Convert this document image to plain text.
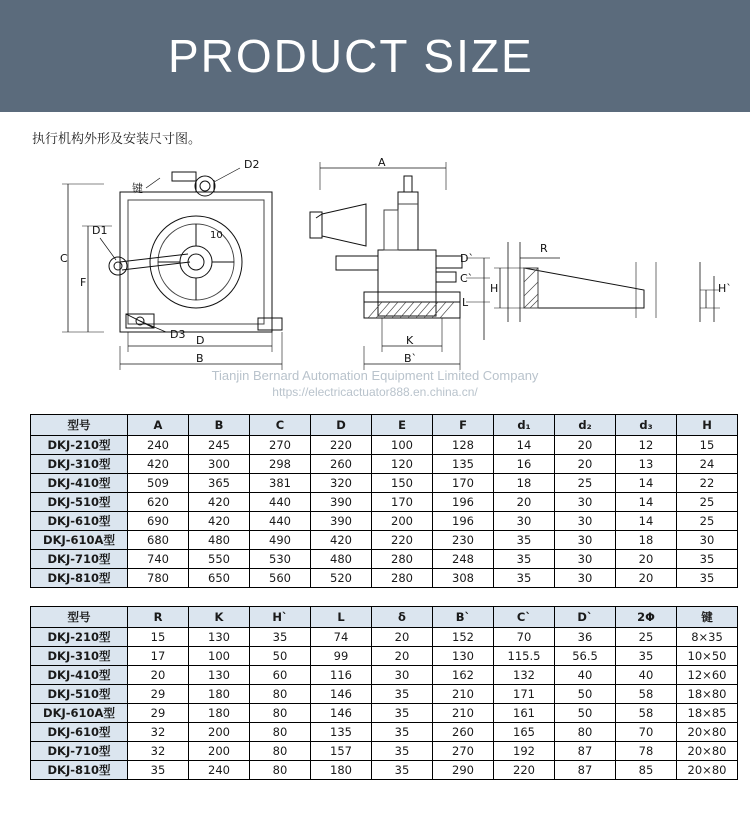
PRODUCT SIZE
执行机构外形及安装尺寸图。
D2
键
D1
C
F
D3 D
B
A
D`
C`
L
K
B`
R
H	H`
10
Tianjin Bernard Automation Equipment Limited Company
https://electricactuator888.en.china.cn/
型号	A	B	C	D	E	F	d₁	d₂	d₃	H
DKJ-210型	240	245	270	220	100	128	14	20	12	15
DKJ-310型	420	300	298	260	120	135	16	20	13	24
DKJ-410型	509	365	381	320	150	170	18	25	14	22
DKJ-510型	620	420	440	390	170	196	20	30	14	25
DKJ-610型	690	420	440	390	200	196	30	30	14	25
DKJ-610A型	680	480	490	420	220	230	35	30	18	30
DKJ-710型	740	550	530	480	280	248	35	30	20	35
DKJ-810型	780	650	560	520	280	308	35	30	20	35
型号	R	K	H`	L	δ	B`	C`	D`	2Φ	键
DKJ-210型	15	130	35	74	20	152	70	36	25	8×35
DKJ-310型	17	100	50	99	20	130	115.5	56.5	35	10×50
DKJ-410型	20	130	60	116	30	162	132	40	40	12×60
DKJ-510型	29	180	80	146	35	210	171	50	58	18×80
DKJ-610A型	29	180	80	146	35	210	161	50	58	18×85
DKJ-610型	32	200	80	135	35	260	165	80	70	20×80
DKJ-710型	32	200	80	157	35	270	192	87	78	20×80
DKJ-810型	35	240	80	180	35	290	220	87	85	20×80
